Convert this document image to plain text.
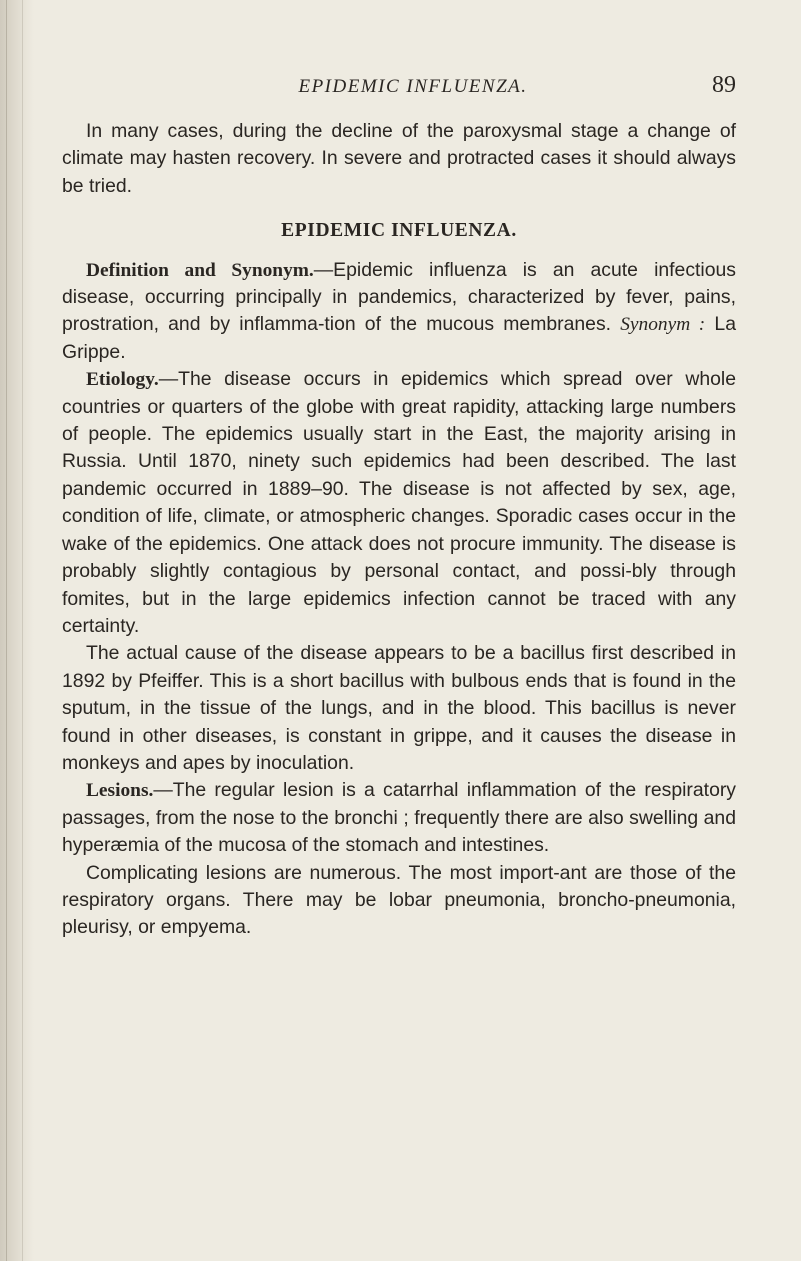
EPIDEMIC INFLUENZA.	89

In many cases, during the decline of the paroxysmal stage a change of climate may hasten recovery. In severe and protracted cases it should always be tried.

EPIDEMIC INFLUENZA.

Definition and Synonym.—Epidemic influenza is an acute infectious disease, occurring principally in pandemics, characterized by fever, pains, prostration, and by inflamma-tion of the mucous membranes. Synonym : La Grippe.

Etiology.—The disease occurs in epidemics which spread over whole countries or quarters of the globe with great rapidity, attacking large numbers of people. The epidemics usually start in the East, the majority arising in Russia. Until 1870, ninety such epidemics had been described. The last pandemic occurred in 1889–90. The disease is not affected by sex, age, condition of life, climate, or atmospheric changes. Sporadic cases occur in the wake of the epidemics. One attack does not procure immunity. The disease is probably slightly contagious by personal contact, and possi-bly through fomites, but in the large epidemics infection cannot be traced with any certainty.

The actual cause of the disease appears to be a bacillus first described in 1892 by Pfeiffer. This is a short bacillus with bulbous ends that is found in the sputum, in the tissue of the lungs, and in the blood. This bacillus is never found in other diseases, is constant in grippe, and it causes the disease in monkeys and apes by inoculation.

Lesions.—The regular lesion is a catarrhal inflammation of the respiratory passages, from the nose to the bronchi ; frequently there are also swelling and hyperæmia of the mucosa of the stomach and intestines.

Complicating lesions are numerous. The most import-ant are those of the respiratory organs. There may be lobar pneumonia, broncho-pneumonia, pleurisy, or empyema.
